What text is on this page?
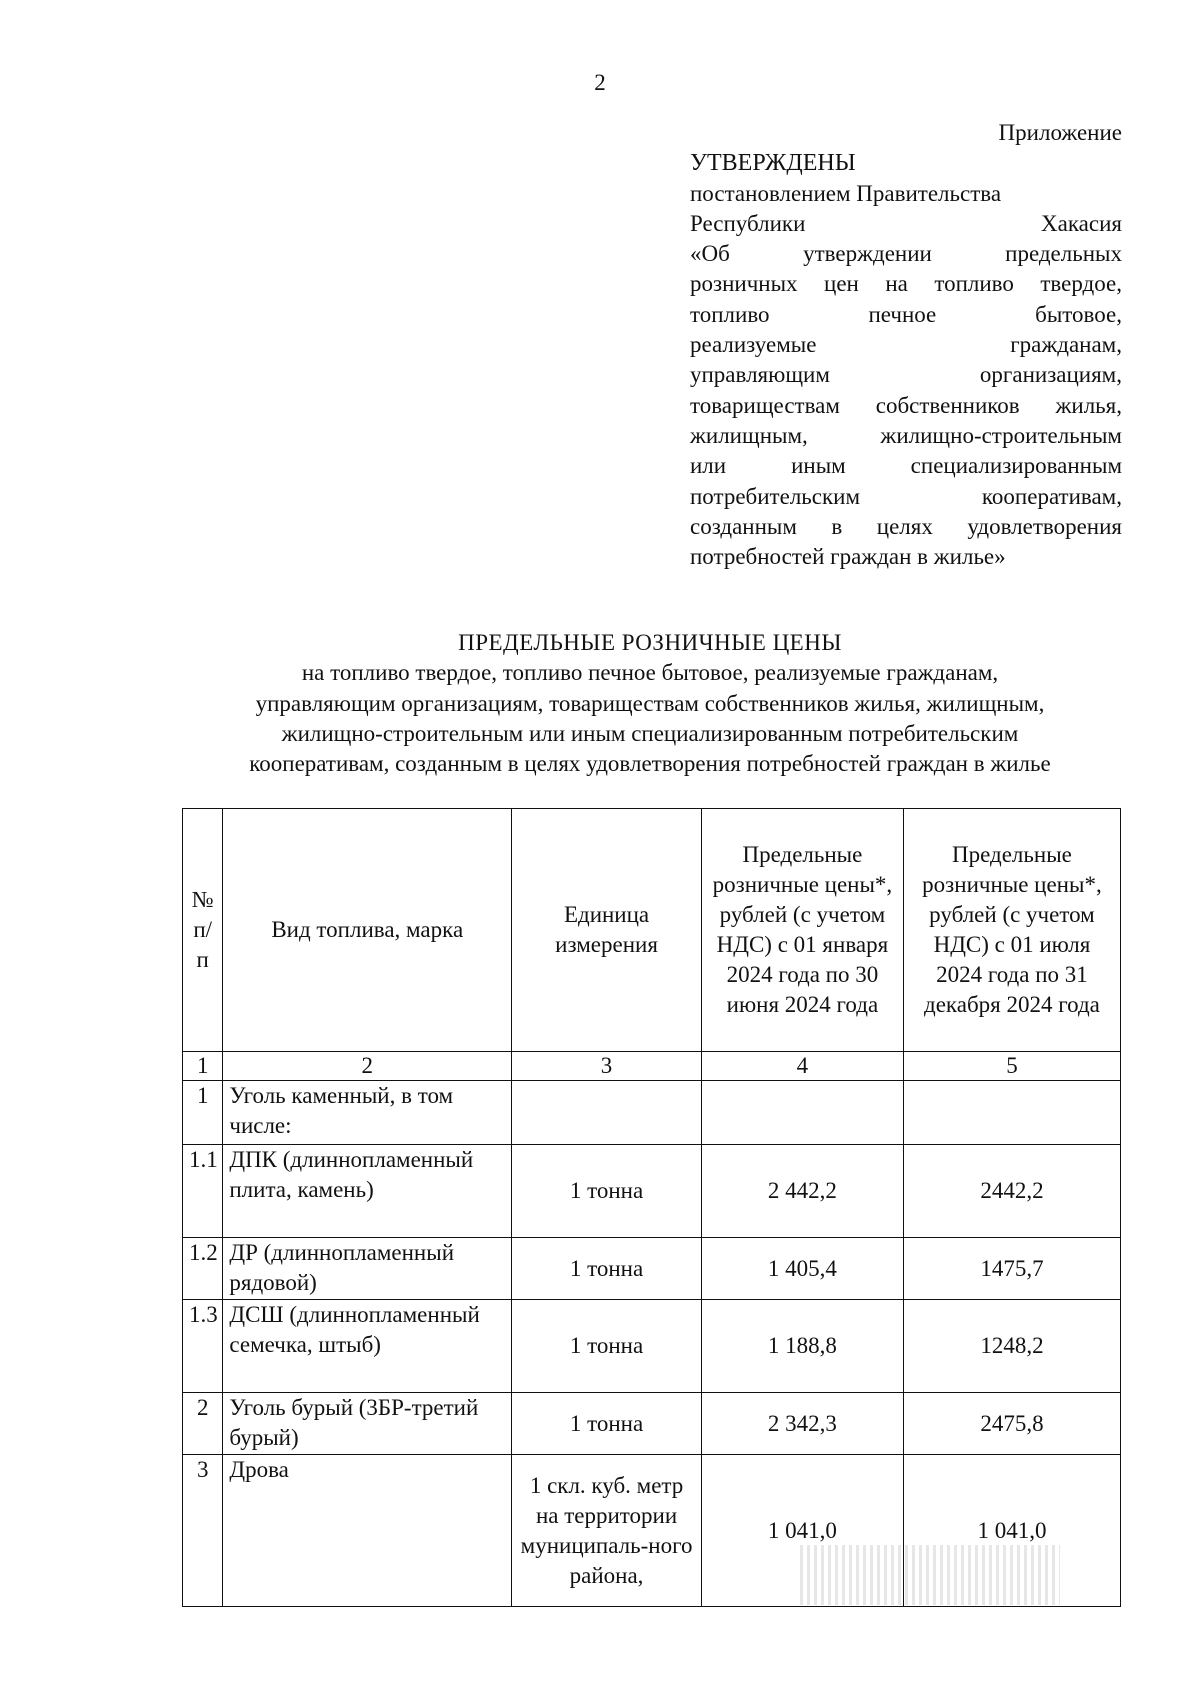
2
Приложение
УТВЕРЖДЕНЫ
постановлением Правительства
Республики Хакасия
«Об утверждении предельных
розничных цен на топливо твердое,
топливо печное бытовое,
реализуемые гражданам,
управляющим организациям,
товариществам собственников жилья,
жилищным, жилищно-строительным
или иным специализированным
потребительским кооперативам,
созданным в целях удовлетворения
потребностей граждан в жилье»
ПРЕДЕЛЬНЫЕ РОЗНИЧНЫЕ ЦЕНЫ
на топливо твердое, топливо печное бытовое, реализуемые гражданам,
управляющим организациям, товариществам собственников жилья, жилищным,
жилищно-строительным или иным специализированным потребительским
кооперативам, созданным в целях удовлетворения потребностей граждан в жилье
№ п/п	Вид топлива, марка	Единица измерения	Предельные розничные цены*, рублей (с учетом НДС) с 01 января 2024 года по 30 июня 2024 года	Предельные розничные цены*, рублей (с учетом НДС) с 01 июля 2024 года по 31 декабря 2024 года
1	2	3	4	5
1	Уголь каменный, в том числе:			
1.1	ДПК (длиннопламенный плита, камень)	1 тонна	2 442,2	2442,2
1.2	ДР (длиннопламенный рядовой)	1 тонна	1 405,4	1475,7
1.3	ДСШ (длиннопламенный семечка, штыб)	1 тонна	1 188,8	1248,2
2	Уголь бурый (3БР-третий бурый)	1 тонна	2 342,3	2475,8
3	Дрова	1 скл. куб. метр на территории муниципаль-ного района,	1 041,0	1 041,0
